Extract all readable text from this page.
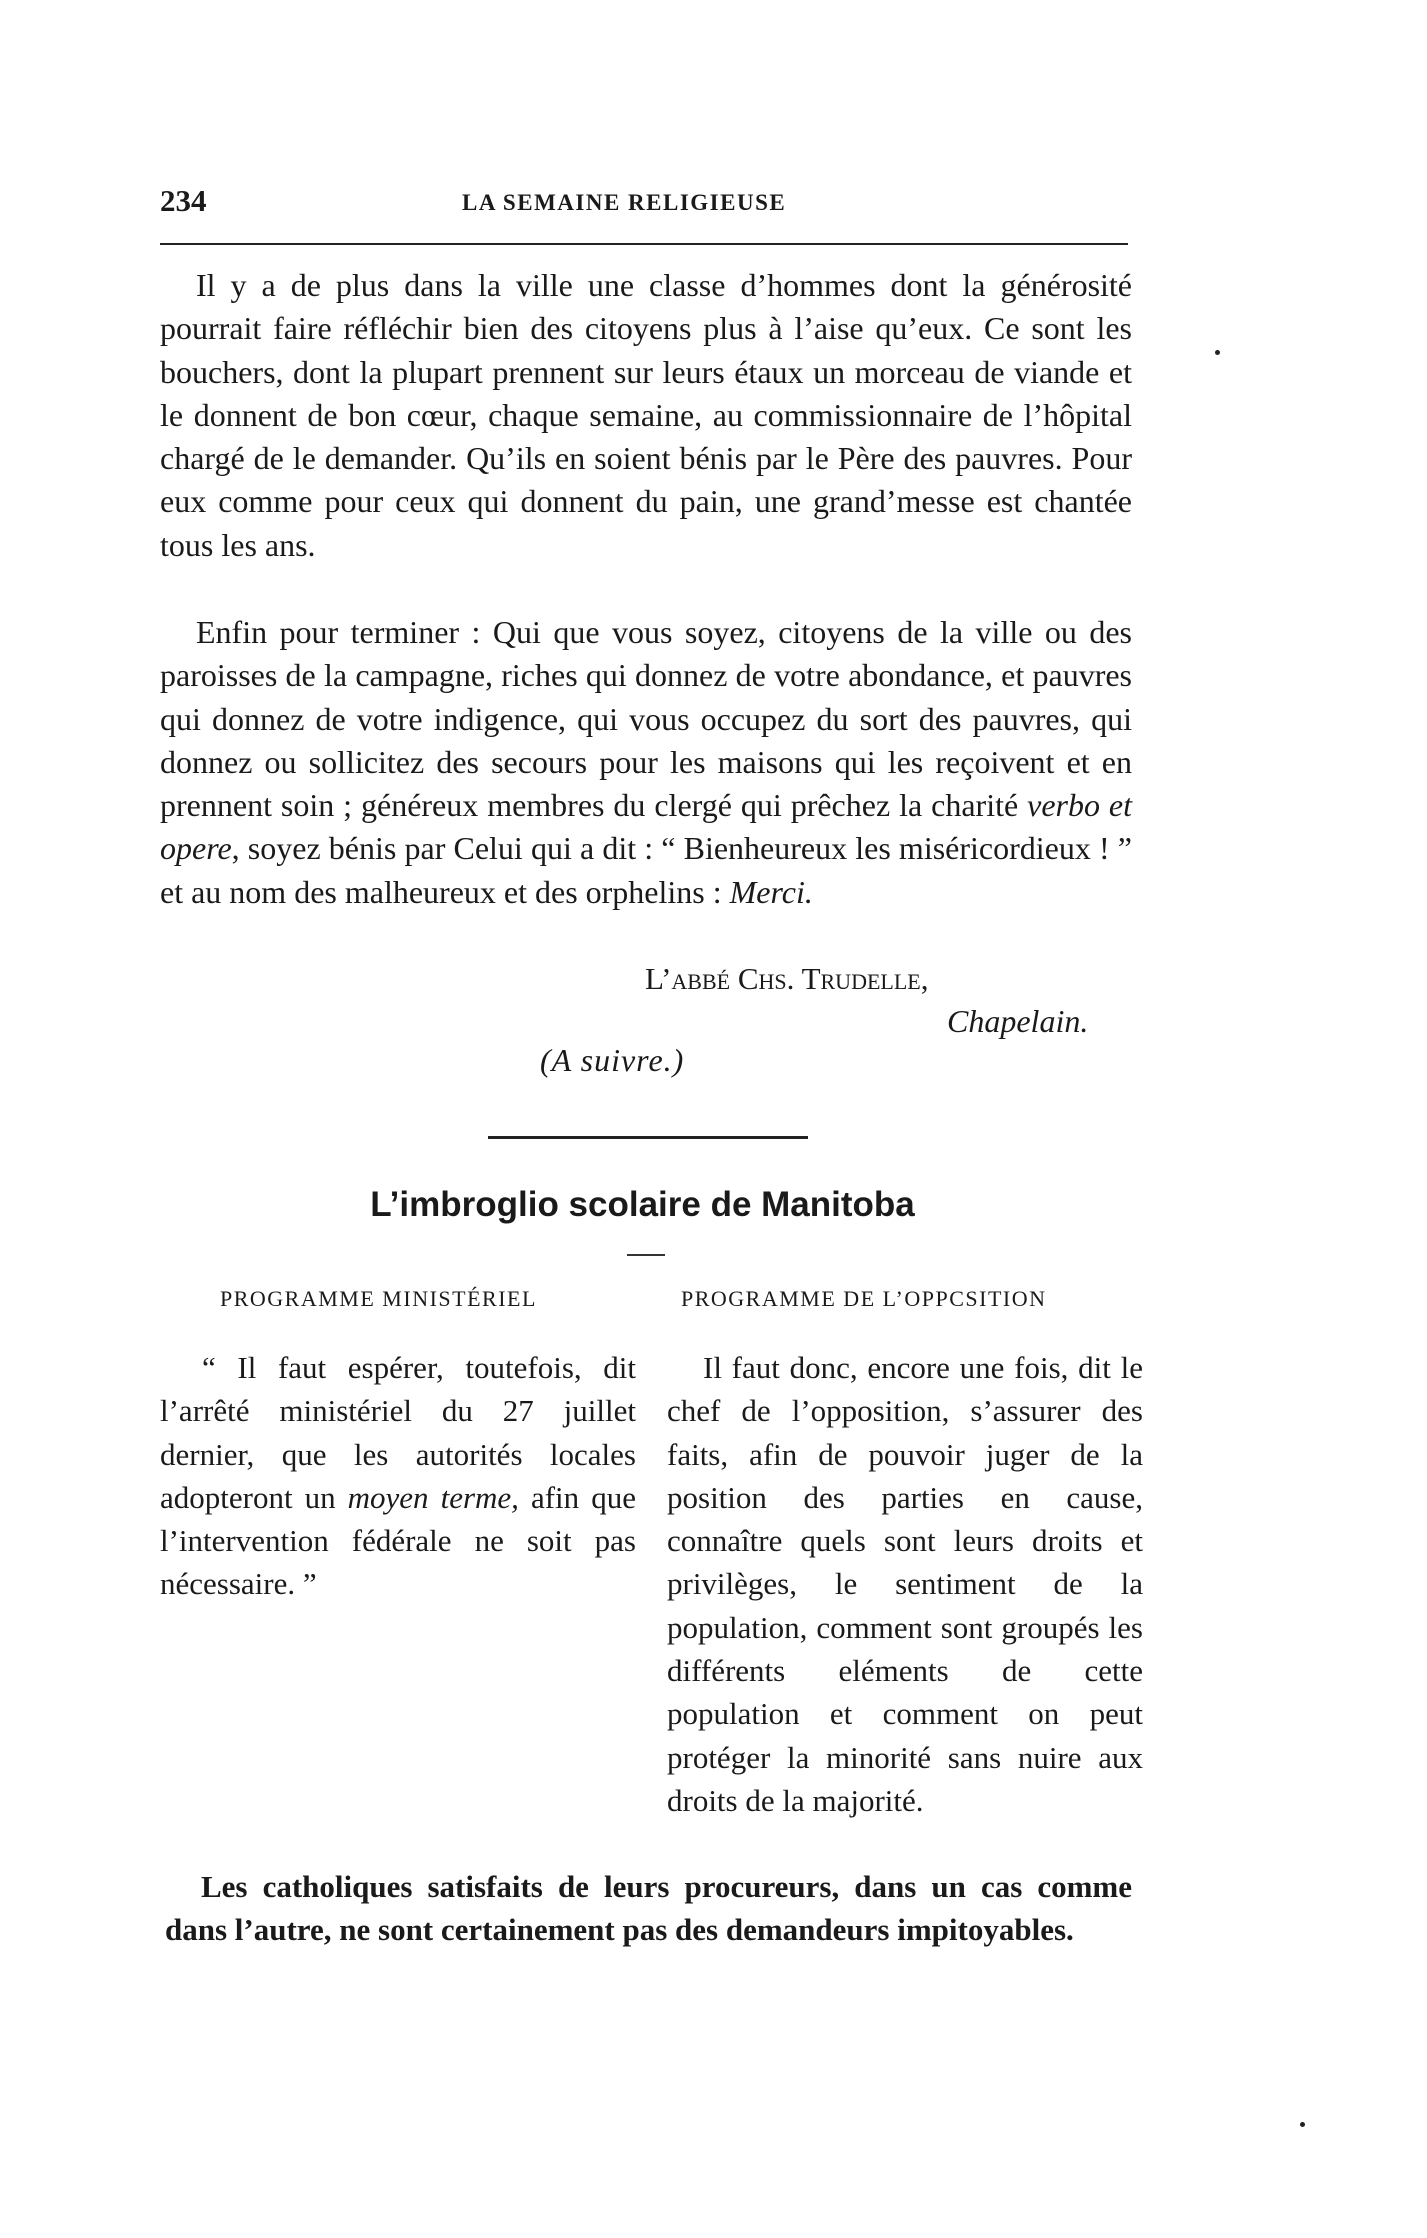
234	LA SEMAINE RELIGIEUSE

Il y a de plus dans la ville une classe d’hommes dont la générosité pourrait faire réfléchir bien des citoyens plus à l’aise qu’eux. Ce sont les bouchers, dont la plupart prennent sur leurs étaux un morceau de viande et le donnent de bon cœur, chaque semaine, au commissionnaire de l’hôpital chargé de le demander. Qu’ils en soient bénis par le Père des pauvres. Pour eux comme pour ceux qui donnent du pain, une grand’messe est chantée tous les ans.

Enfin pour terminer : Qui que vous soyez, citoyens de la ville ou des paroisses de la campagne, riches qui donnez de votre abondance, et pauvres qui donnez de votre indigence, qui vous occupez du sort des pauvres, qui donnez ou sollicitez des secours pour les maisons qui les reçoivent et en prennent soin ; généreux membres du clergé qui prêchez la charité verbo et opere, soyez bénis par Celui qui a dit : “ Bienheureux les miséricordieux ! ” et au nom des malheureux et des orphelins : Merci.

L’abbé Chs. Trudelle,
Chapelain.
(A suivre.)
L’imbroglio scolaire de Manitoba
PROGRAMME MINISTÉRIEL	PROGRAMME DE L’OPPCSITION

“ Il faut espérer, toutefois, dit l’arrêté ministériel du 27 juillet dernier, que les autorités locales adopteront un moyen terme, afin que l’intervention fédérale ne soit pas nécessaire. ”

Il faut donc, encore une fois, dit le chef de l’opposition, s’assurer des faits, afin de pouvoir juger de la position des parties en cause, connaître quels sont leurs droits et privilèges, le sentiment de la population, comment sont groupés les différents eléments de cette population et comment on peut protéger la minorité sans nuire aux droits de la majorité.

Les catholiques satisfaits de leurs procureurs, dans un cas comme dans l’autre, ne sont certainement pas des demandeurs impitoyables.
